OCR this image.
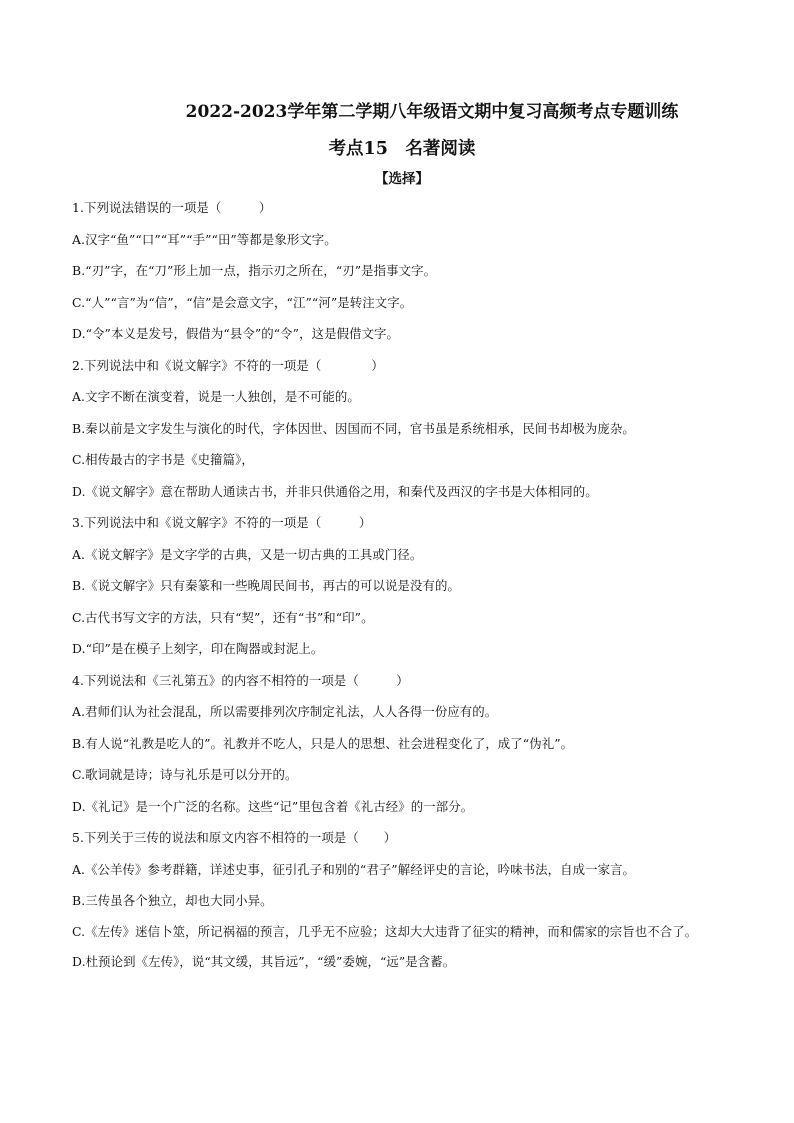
2022-2023学年第二学期八年级语文期中复习高频考点专题训练
考点15　名著阅读
【选择】
1.下列说法错误的一项是（　　　）
A.汉字“鱼”“口”“耳”“手”“田”等都是象形文字。
B.“刃”字，在“刀”形上加一点，指示刃之所在，“刃”是指事文字。
C.“人”“言”为“信”，“信”是会意文字，“江”“河”是转注文字。
D.“令”本义是发号，假借为“县令”的“令”，这是假借文字。
2.下列说法中和《说文解字》不符的一项是（　　　　）
A.文字不断在演变着，说是一人独创，是不可能的。
B.秦以前是文字发生与演化的时代，字体因世、因国而不同，官书虽是系统相承，民间书却极为庞杂。
C.相传最古的字书是《史籀篇》，
D.《说文解字》意在帮助人通读古书，并非只供通俗之用，和秦代及西汉的字书是大体相同的。
3.下列说法中和《说文解字》不符的一项是（　　　）
A.《说文解字》是文字学的古典，又是一切古典的工具或门径。
B.《说文解字》只有秦篆和一些晚周民间书，再古的可以说是没有的。
C.古代书写文字的方法，只有“契”，还有“书”和“印”。
D.“印”是在模子上刻字，印在陶器或封泥上。
4.下列说法和《三礼第五》的内容不相符的一项是（　　　）
A.君师们认为社会混乱，所以需要排列次序制定礼法，人人各得一份应有的。
B.有人说“礼教是吃人的”。礼教并不吃人，只是人的思想、社会进程变化了，成了“伪礼”。
C.歌词就是诗；诗与礼乐是可以分开的。
D.《礼记》是一个广泛的名称。这些“记”里包含着《礼古经》的一部分。
5.下列关于三传的说法和原文内容不相符的一项是（　　）
A.《公羊传》参考群籍，详述史事，征引孔子和别的“君子”解经评史的言论，吟味书法，自成一家言。
B.三传虽各个独立，却也大同小异。
C.《左传》迷信卜筮，所记祸福的预言，几乎无不应验；这却大大违背了征实的精神，而和儒家的宗旨也不合了。
D.杜预论到《左传》，说“其文缓，其旨远”，“缓”委婉，“远”是含蓄。
